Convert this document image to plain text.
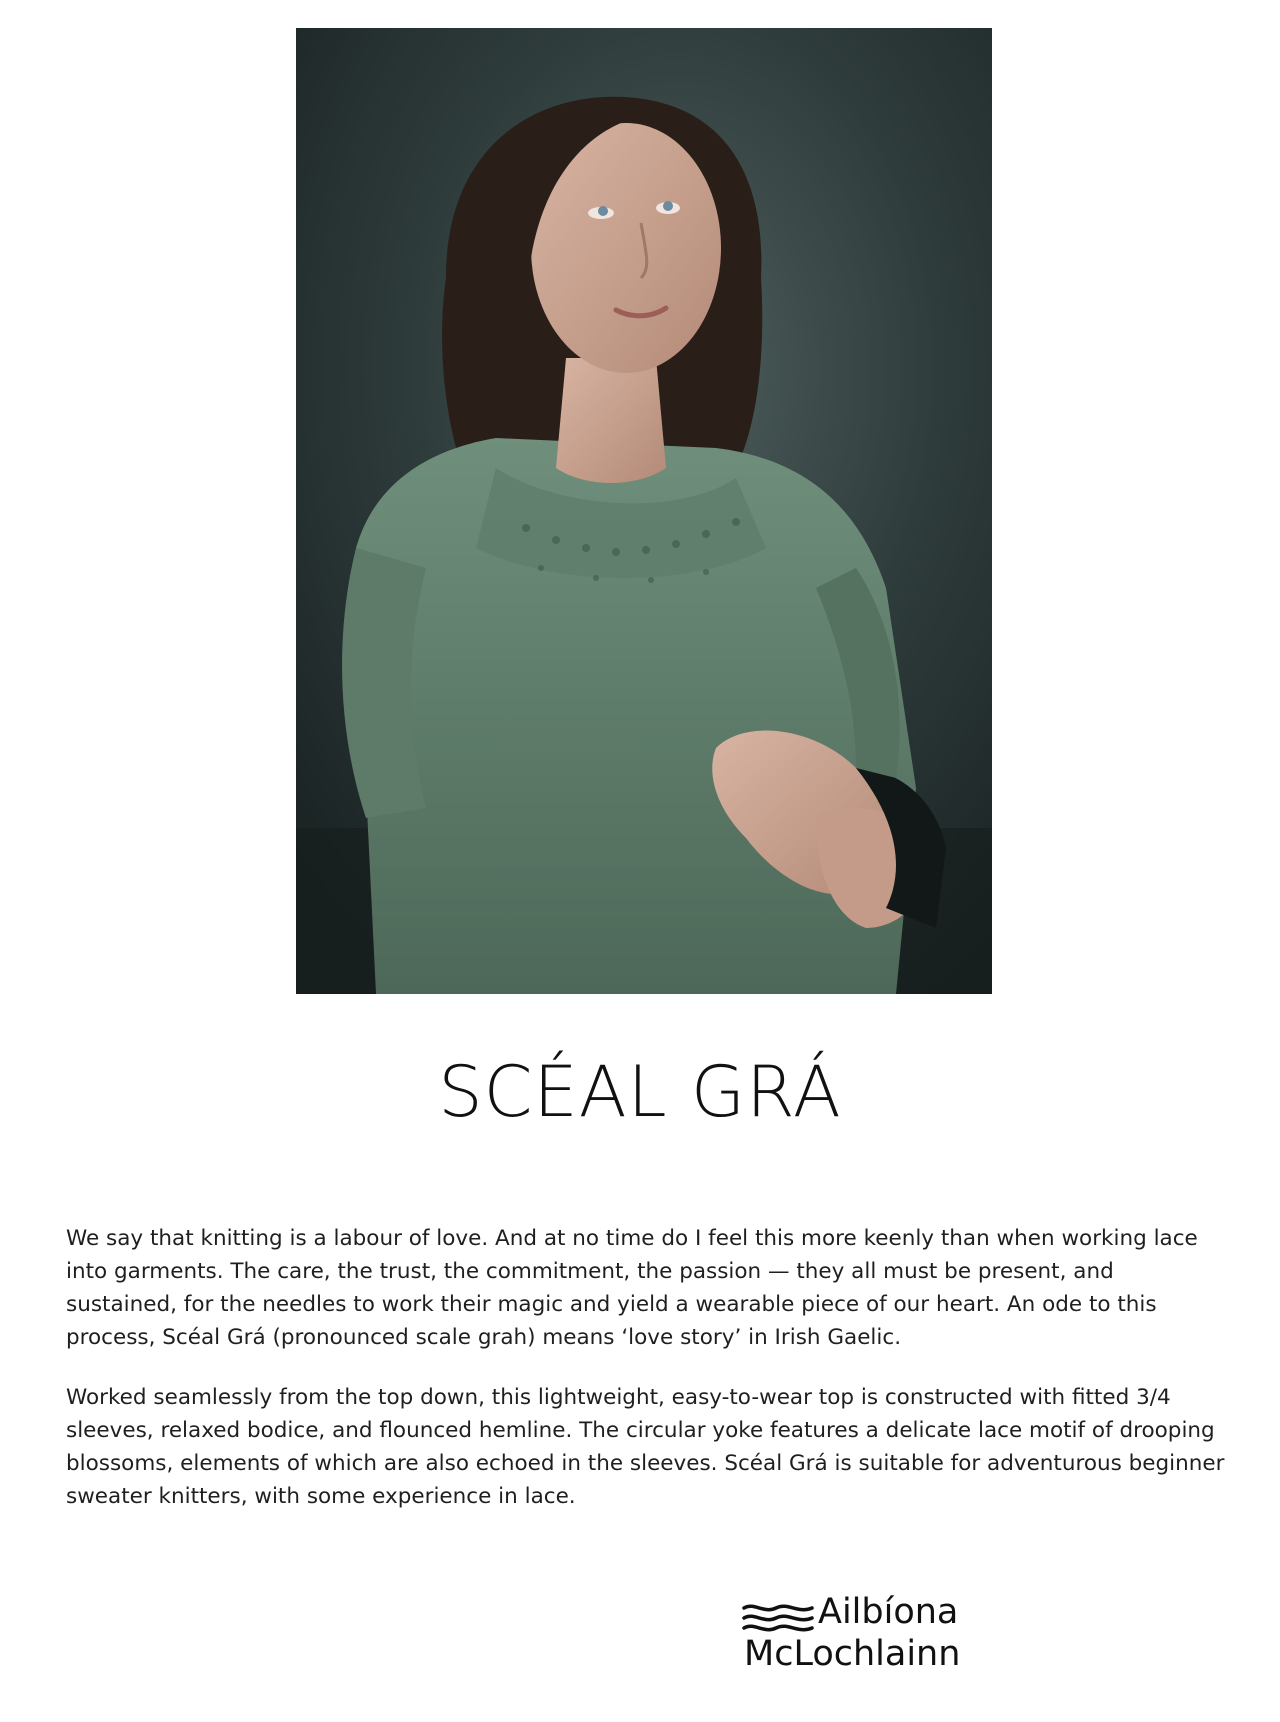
SCÉAL GRÁ

We say that knitting is a labour of love. And at no time do I feel this more keenly than when working lace into garments. The care, the trust, the commitment, the passion — they all must be present, and sustained, for the needles to work their magic and yield a wearable piece of our heart. An ode to this process, Scéal Grá (pronounced scale grah) means ‘love story’ in Irish Gaelic.

Worked seamlessly from the top down, this lightweight, easy-to-wear top is constructed with fitted 3/4 sleeves, relaxed bodice, and flounced hemline. The circular yoke features a delicate lace motif of drooping blossoms, elements of which are also echoed in the sleeves. Scéal Grá is suitable for adventurous beginner sweater knitters, with some experience in lace.

Ailbíona
McLochlainn
